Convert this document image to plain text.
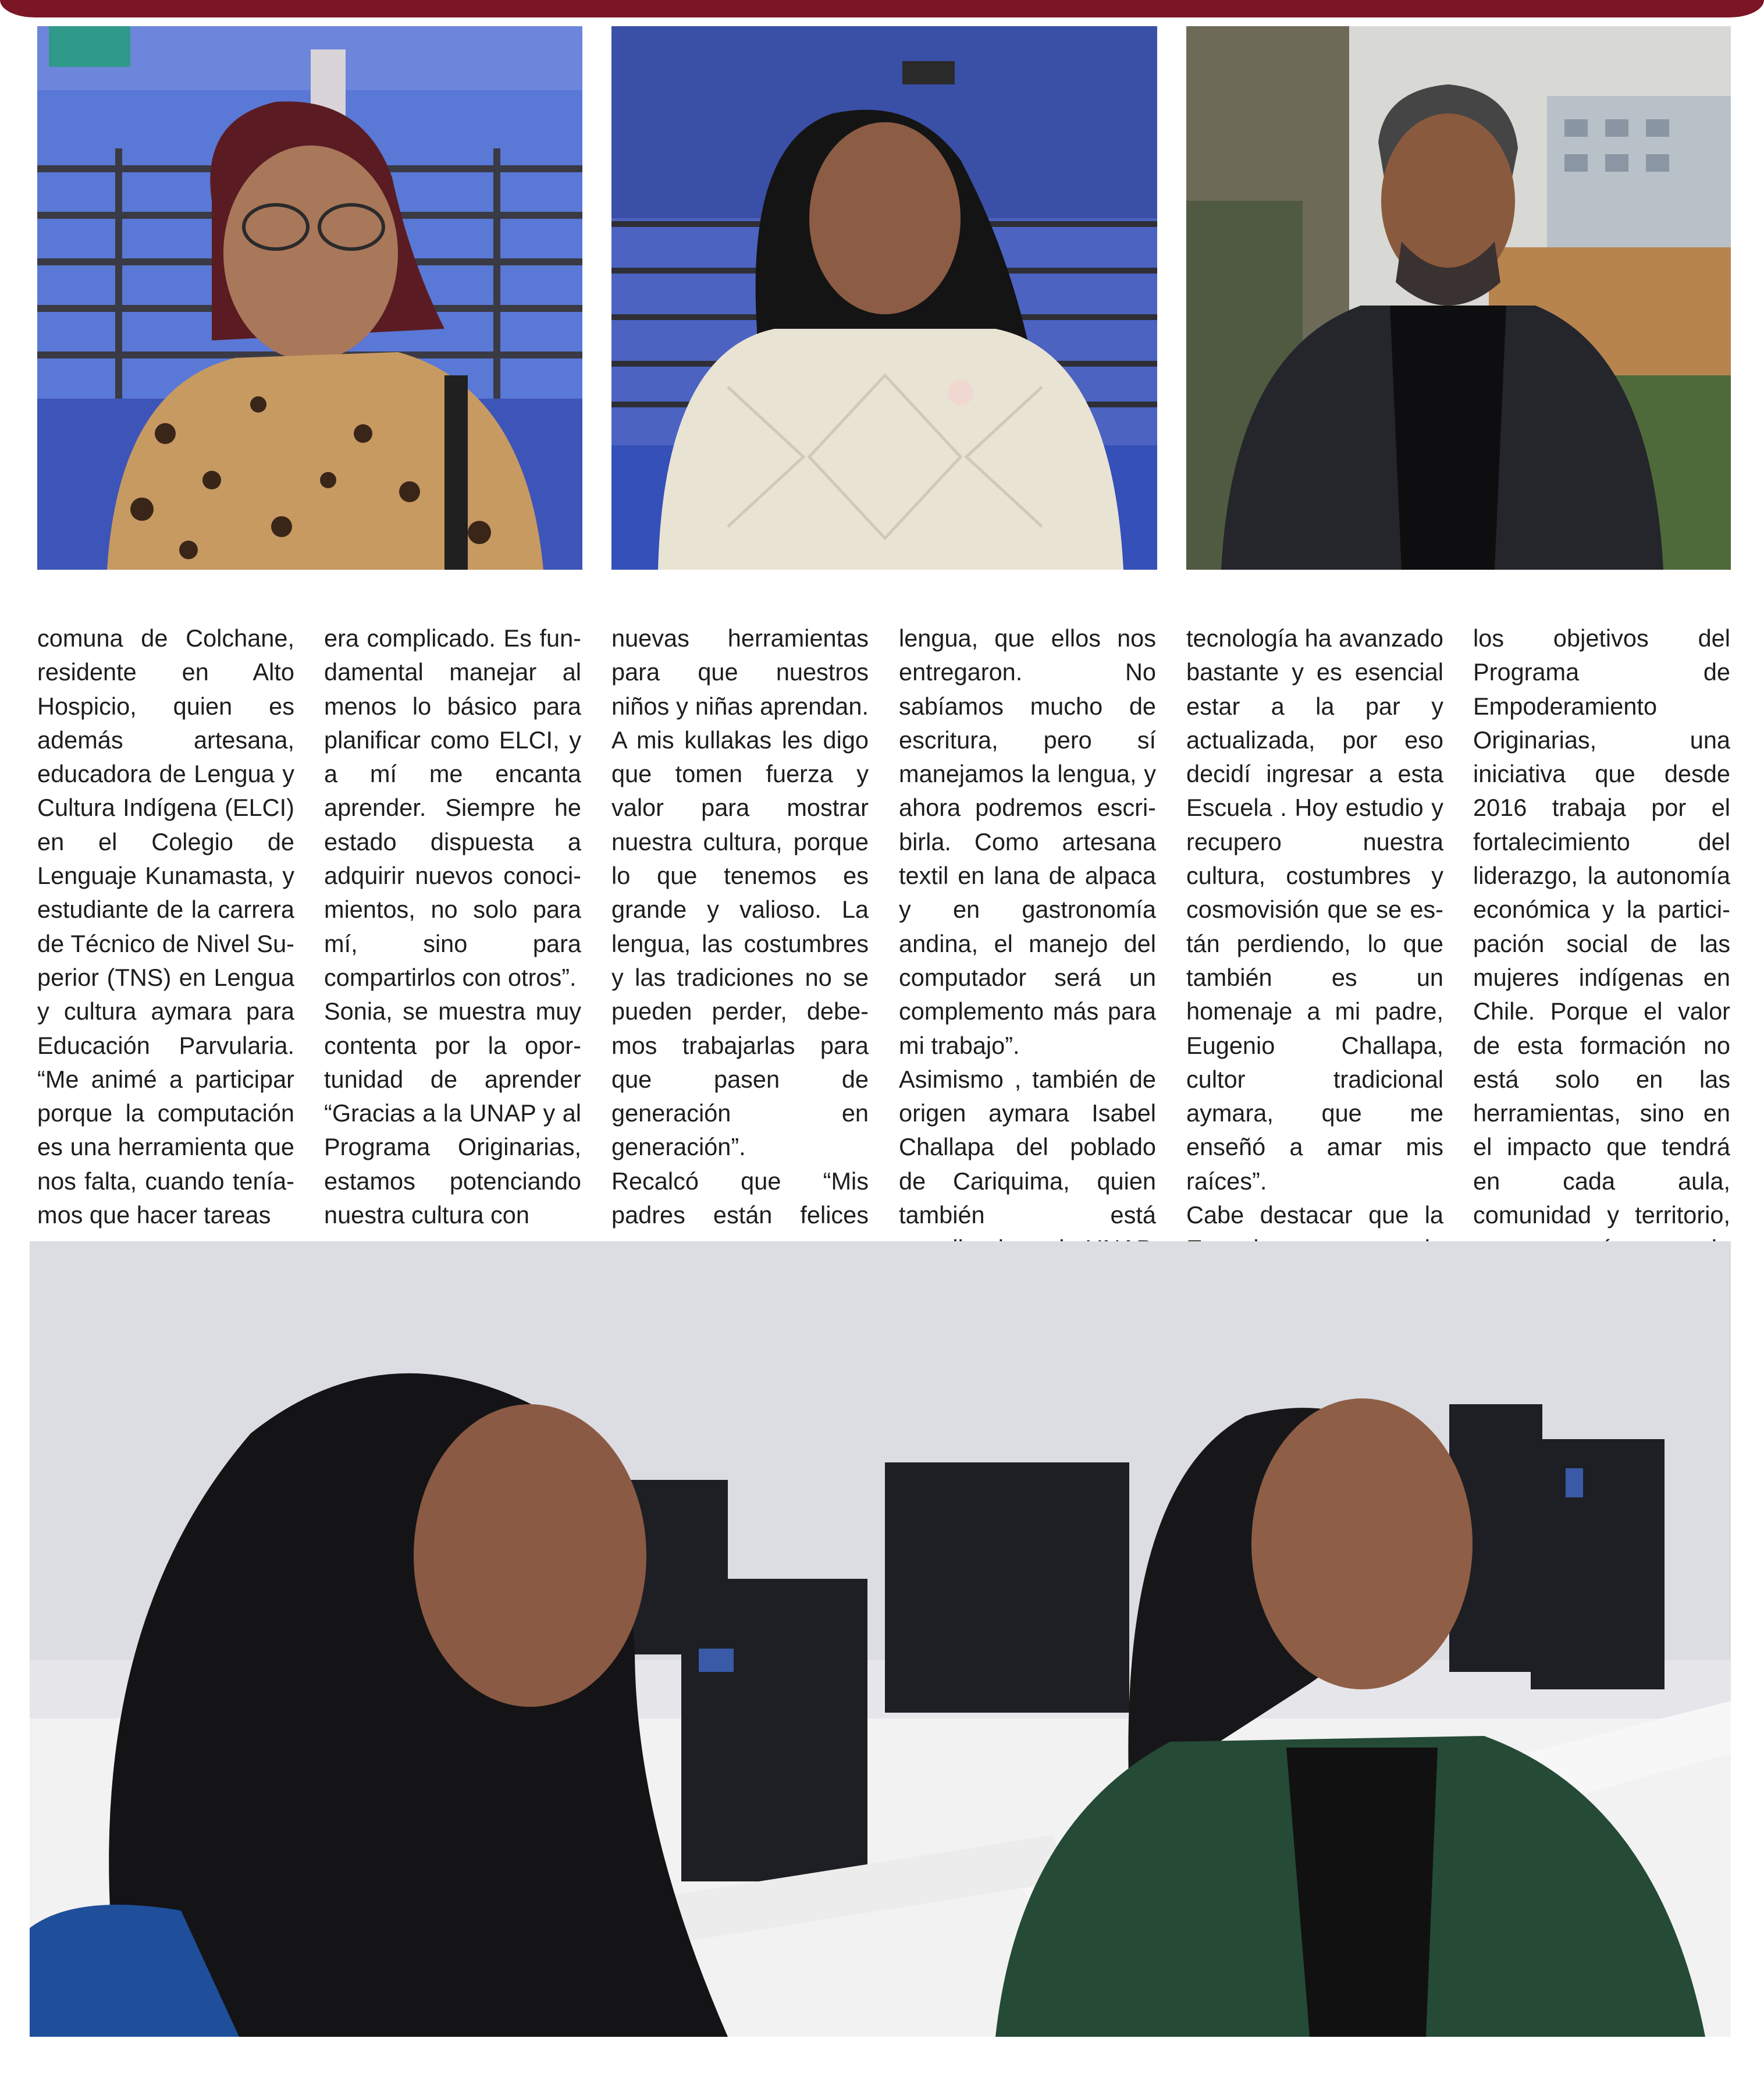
comuna de Colchane, residente en Alto Hospicio, quien es además artesana, educadora de Lengua y Cultura Indígena (ELCI) en el Colegio de Lenguaje Kunamasta, y estudiante de la carrera de Técnico de Nivel Superior (TNS) en Lengua y cultura aymara para Educación Parvularia. “Me animé a participar porque la computación es una herramienta que nos falta, cuando teníamos que hacer tareas

era complicado. Es fundamental manejar al menos lo básico para planificar como ELCI, y a mí me encanta aprender. Siempre he estado dispuesta a adquirir nuevos conocimientos, no solo para mí, sino para compartirlos con otros”.
Sonia, se muestra muy contenta por la oportunidad de aprender “Gracias a la UNAP y al Programa Originarias, estamos potenciando nuestra cultura con

nuevas herramientas para que nuestros niños y niñas aprendan. A mis kullakas les digo que tomen fuerza y valor para mostrar nuestra cultura, porque lo que tenemos es grande y valioso. La lengua, las costumbres y las tradiciones no se pueden perder, debemos trabajarlas para que pasen de generación en generación”.
Recalcó que “Mis padres están felices

lengua, que ellos nos entregaron. No sabíamos mucho de escritura, pero sí manejamos la lengua, y ahora podremos escribirla. Como artesana textil en lana de alpaca y en gastronomía andina, el manejo del computador será un complemento más para mi trabajo”.
Asimismo , también de origen aymara Isabel Challapa del poblado de Cariquima, quien también está

tecnología ha avanzado bastante y es esencial estar a la par y actualizada, por eso decidí ingresar a esta Escuela . Hoy estudio y recupero nuestra cultura, costumbres y cosmovisión que se están perdiendo, lo que también es un homenaje a mi padre, Eugenio Challapa, cultor tradicional aymara, que me enseñó a amar mis raíces”.
Cabe destacar que la

los objetivos del Programa de Empoderamiento Originarias, una iniciativa que desde 2016 trabaja por el fortalecimiento del liderazgo, la autonomía económica y la participación social de las mujeres indígenas en Chile. Porque el valor de esta formación no está solo en las herramientas, sino en el impacto que tendrá en cada aula, comunidad y territorio,
